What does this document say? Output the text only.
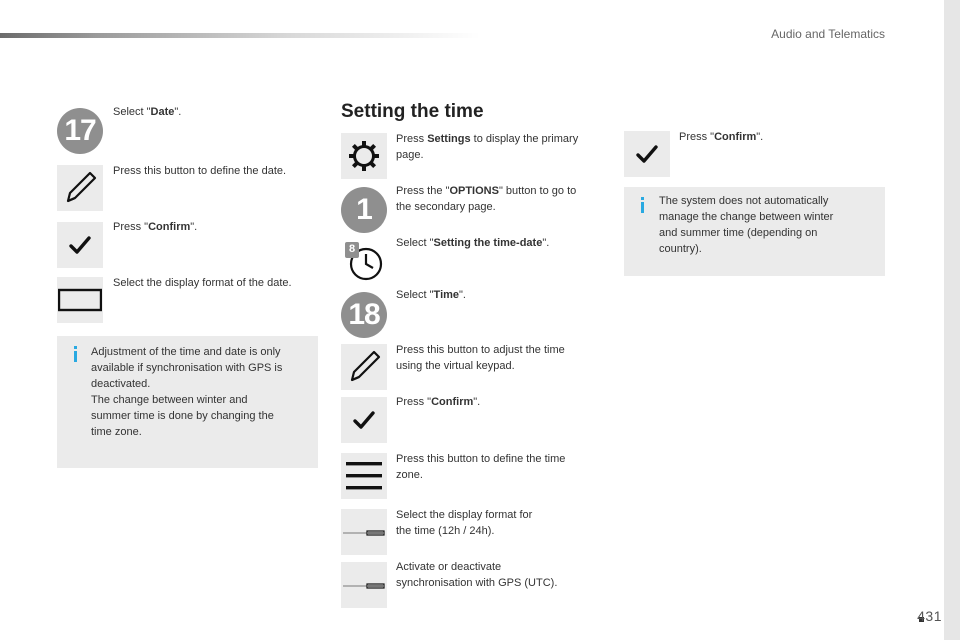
Audio and Telematics
431
17
Select "Date".
Press this button to define the date.
Press "Confirm".
Select the display format of the date.
Adjustment of the time and date is only
available if synchronisation with GPS is
deactivated.
The change between winter and
summer time is done by changing the
time zone.
Setting the time
Press Settings to display the primary
page.
1
Press the "OPTIONS" button to go to
the secondary page.
8	Select "Setting the time-date".
18
Select "Time".
Press this button to adjust the time
using the virtual keypad.
Press "Confirm".
Press this button to define the time
zone.
Select the display format for
the time (12h / 24h).
Activate or deactivate
synchronisation with GPS (UTC).
Press "Confirm".
The system does not automatically
manage the change between winter
and summer time (depending on
country).
